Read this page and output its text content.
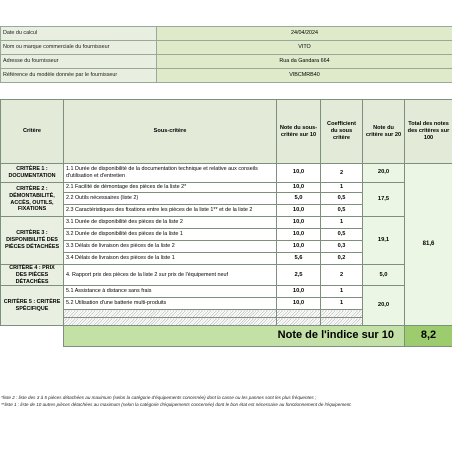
Date du calcul	24/04/2024
Nom ou marque commerciale du fournisseur	VITO
Adresse du fournisseur	Rua da Gandara 664
Référence du modèle donnée par le fournisseur	VIBCMRB40
Critère	Sous-critère	Note du sous-critère sur 10	Coefficient du sous critère	Note du critère sur 20	Total des notes des critères sur 100
CRITÈRE 1 : DOCUMENTATION	1.1 Durée de disponibilité de la documentation technique et relative aux conseils d'utilisation et d'entretien	10,0	2	20,0	81,6
CRITÈRE 2 : DÉMONTABILITÉ, ACCÈS, OUTILS, FIXATIONS	2.1 Facilité de démontage des pièces de la liste 2*	10,0	1	17,5	
	2.2 Outils nécessaires (liste 2)	5,0	0,5		
	2.3 Caractéristiques des fixations entre les pièces de la liste 1** et de la liste 2	10,0	0,5		
CRITÈRE 3 : DISPONIBILITÉ DES PIÈCES DÉTACHÉES	3.1 Durée de disponibilité des pièces de la liste 2	10,0	1	19,1	
	3.2 Durée de disponibilité des pièces de la liste 1	10,0	0,5		
	3.3 Délais de livraison des pièces de la liste 2	10,0	0,3		
	3.4 Délais de livraison des pièces de la liste 1	5,6	0,2		
CRITÈRE 4 : PRIX DES PIÈCES DÉTACHÉES	4. Rapport prix des pièces de la liste 2 sur prix de l'équipement neuf	2,5	2	5,0	
CRITÈRE 5 : CRITÈRE SPÉCIFIQUE	5.1 Assistance à distance sans frais	10,0	1	20,0	
	5.2 Utilisation d'une batterie multi-produits	10,0	1		

	Note de l'indice sur 10				8,2
*liste 2 : liste des 3 à 5 pièces détachées au maximum (selon la catégorie d'équipements concernée) dont la casse ou les pannes sont les plus fréquentes ;
**liste 1 : liste de 10 autres pièces détachées au maximum (selon la catégorie d'équipements concernée) dont le bon état est nécessaire au fonctionnement de l'équipement.
